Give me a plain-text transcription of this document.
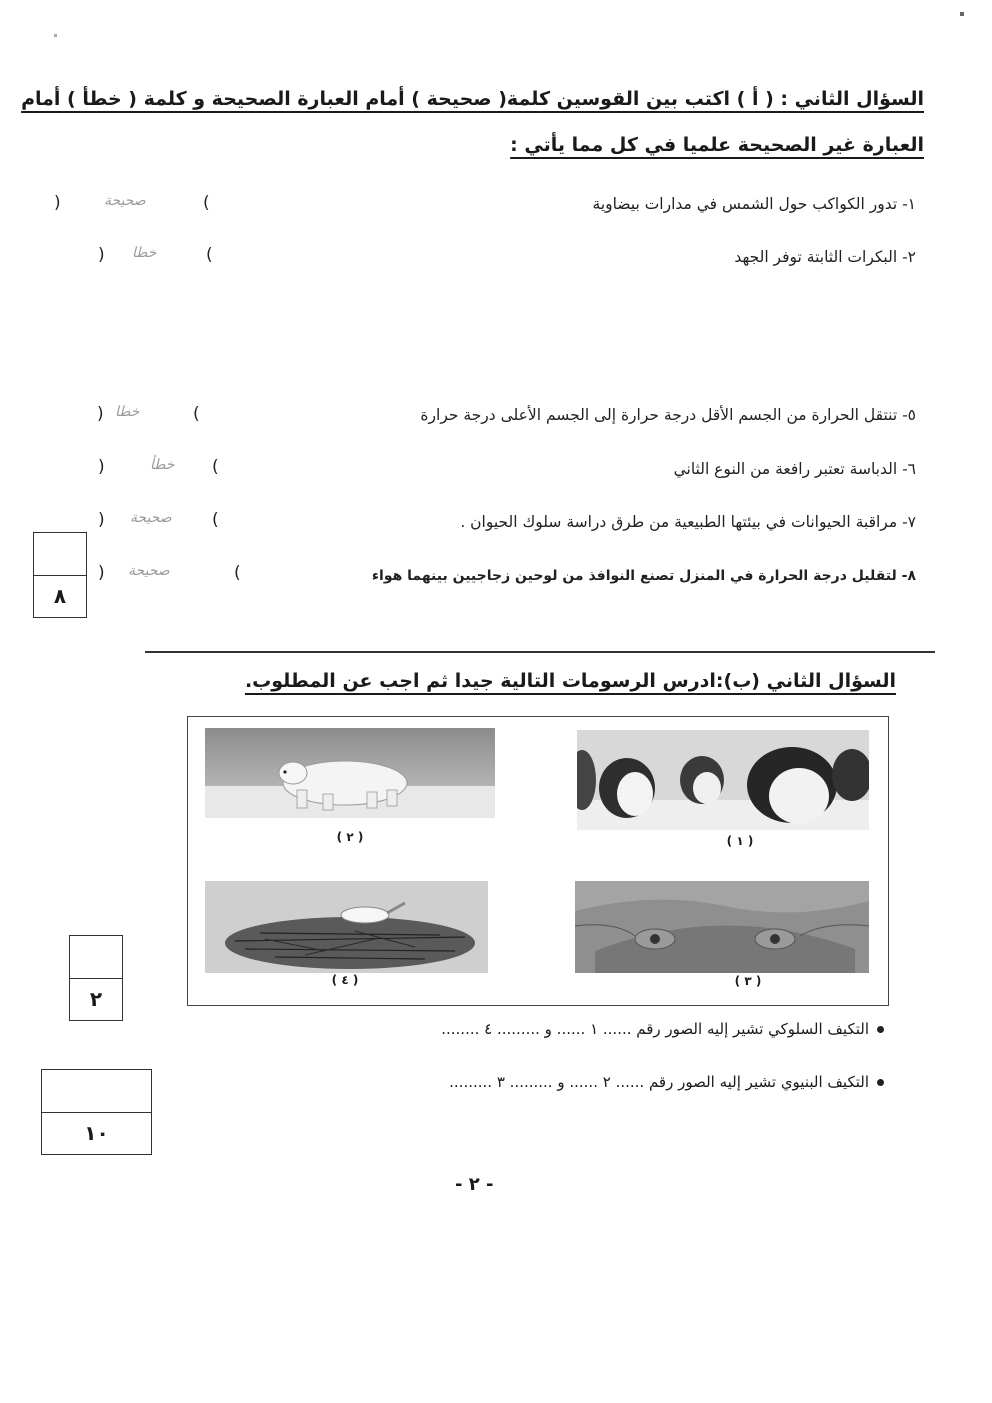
السؤال الثاني : ( أ ) اكتب بين القوسين كلمة( صحيحة ) أمام العبارة الصحيحة و كلمة ( خطأ ) أمام
العبارة غير الصحيحة علميا في كل مما يأتي :
١- تدور الكواكب حول الشمس في مدارات بيضاوية
(
صحيحة
)
٢- البكرات الثابتة توفر الجهد
(
خطا
)
٥- تنتقل الحرارة من الجسم الأقل درجة حرارة إلى الجسم الأعلى درجة حرارة
(
خطا
)
٦- الدباسة تعتبر رافعة من النوع الثاني
(
خطأ
)
٧- مراقبة الحيوانات في بيئتها الطبيعية من طرق دراسة سلوك الحيوان .
(
صحيحة
)
٨- لتقليل درجة الحرارة في المنزل تصنع النوافذ من لوحين زجاجيين بينهما هواء
(
صحيحة
)
٨
السؤال الثاني (ب):ادرس الرسومات التالية جيدا ثم اجب عن المطلوب.
( ٢ )	( ١ )
( ٤ )	( ٣ )
٢
التكيف السلوكي تشير إليه الصور رقم ...... ١ ...... و ......... ٤ ........
التكيف البنيوي تشير إليه الصور رقم ...... ٢ ...... و ......... ٣ .........
١٠
- ٢ -
